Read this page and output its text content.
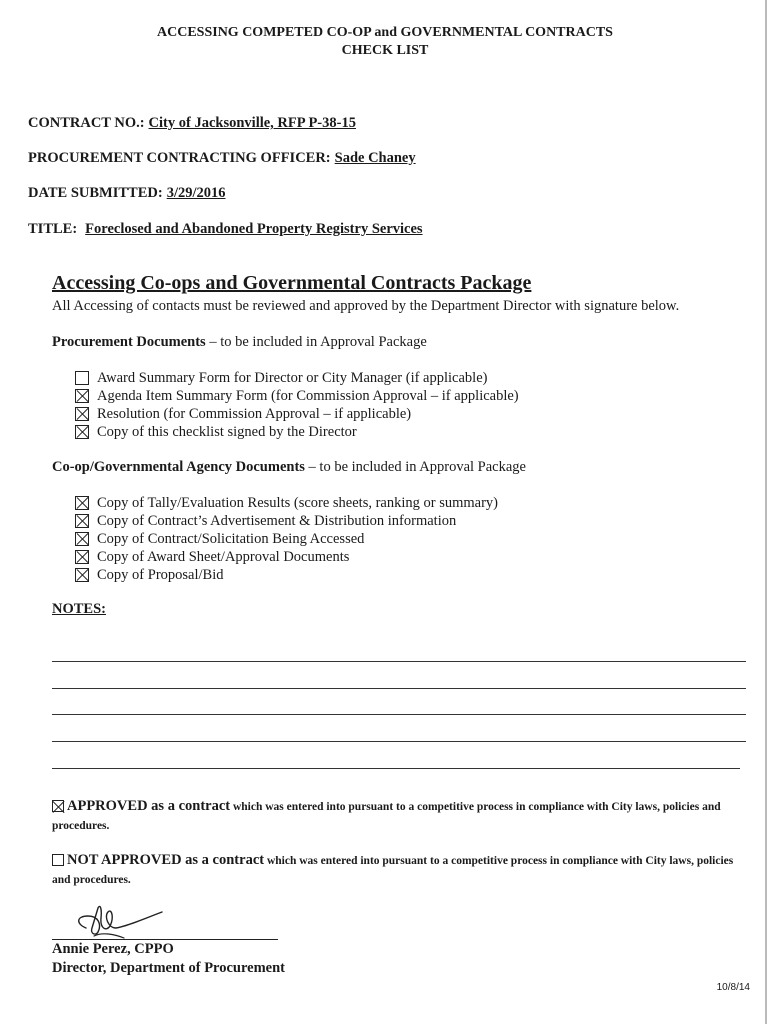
ACCESSING COMPETED CO-OP and GOVERNMENTAL CONTRACTS
CHECK LIST
CONTRACT NO.: City of Jacksonville, RFP P-38-15
PROCUREMENT CONTRACTING OFFICER: Sade Chaney
DATE SUBMITTED: 3/29/2016
TITLE: Foreclosed and Abandoned Property Registry Services
Accessing Co-ops and Governmental Contracts Package
All Accessing of contacts must be reviewed and approved by the Department Director with signature below.
Procurement Documents – to be included in Approval Package
Award Summary Form for Director or City Manager (if applicable)
Agenda Item Summary Form (for Commission Approval – if applicable)
Resolution (for Commission Approval – if applicable)
Copy of this checklist signed by the Director
Co-op/Governmental Agency Documents – to be included in Approval Package
Copy of Tally/Evaluation Results (score sheets, ranking or summary)
Copy of Contract’s Advertisement & Distribution information
Copy of Contract/Solicitation Being Accessed
Copy of Award Sheet/Approval Documents
Copy of Proposal/Bid
NOTES:
APPROVED as a contract which was entered into pursuant to a competitive process in compliance with City laws, policies and procedures.
NOT APPROVED as a contract which was entered into pursuant to a competitive process in compliance with City laws, policies and procedures.
Annie Perez, CPPO
Director, Department of Procurement
10/8/14
